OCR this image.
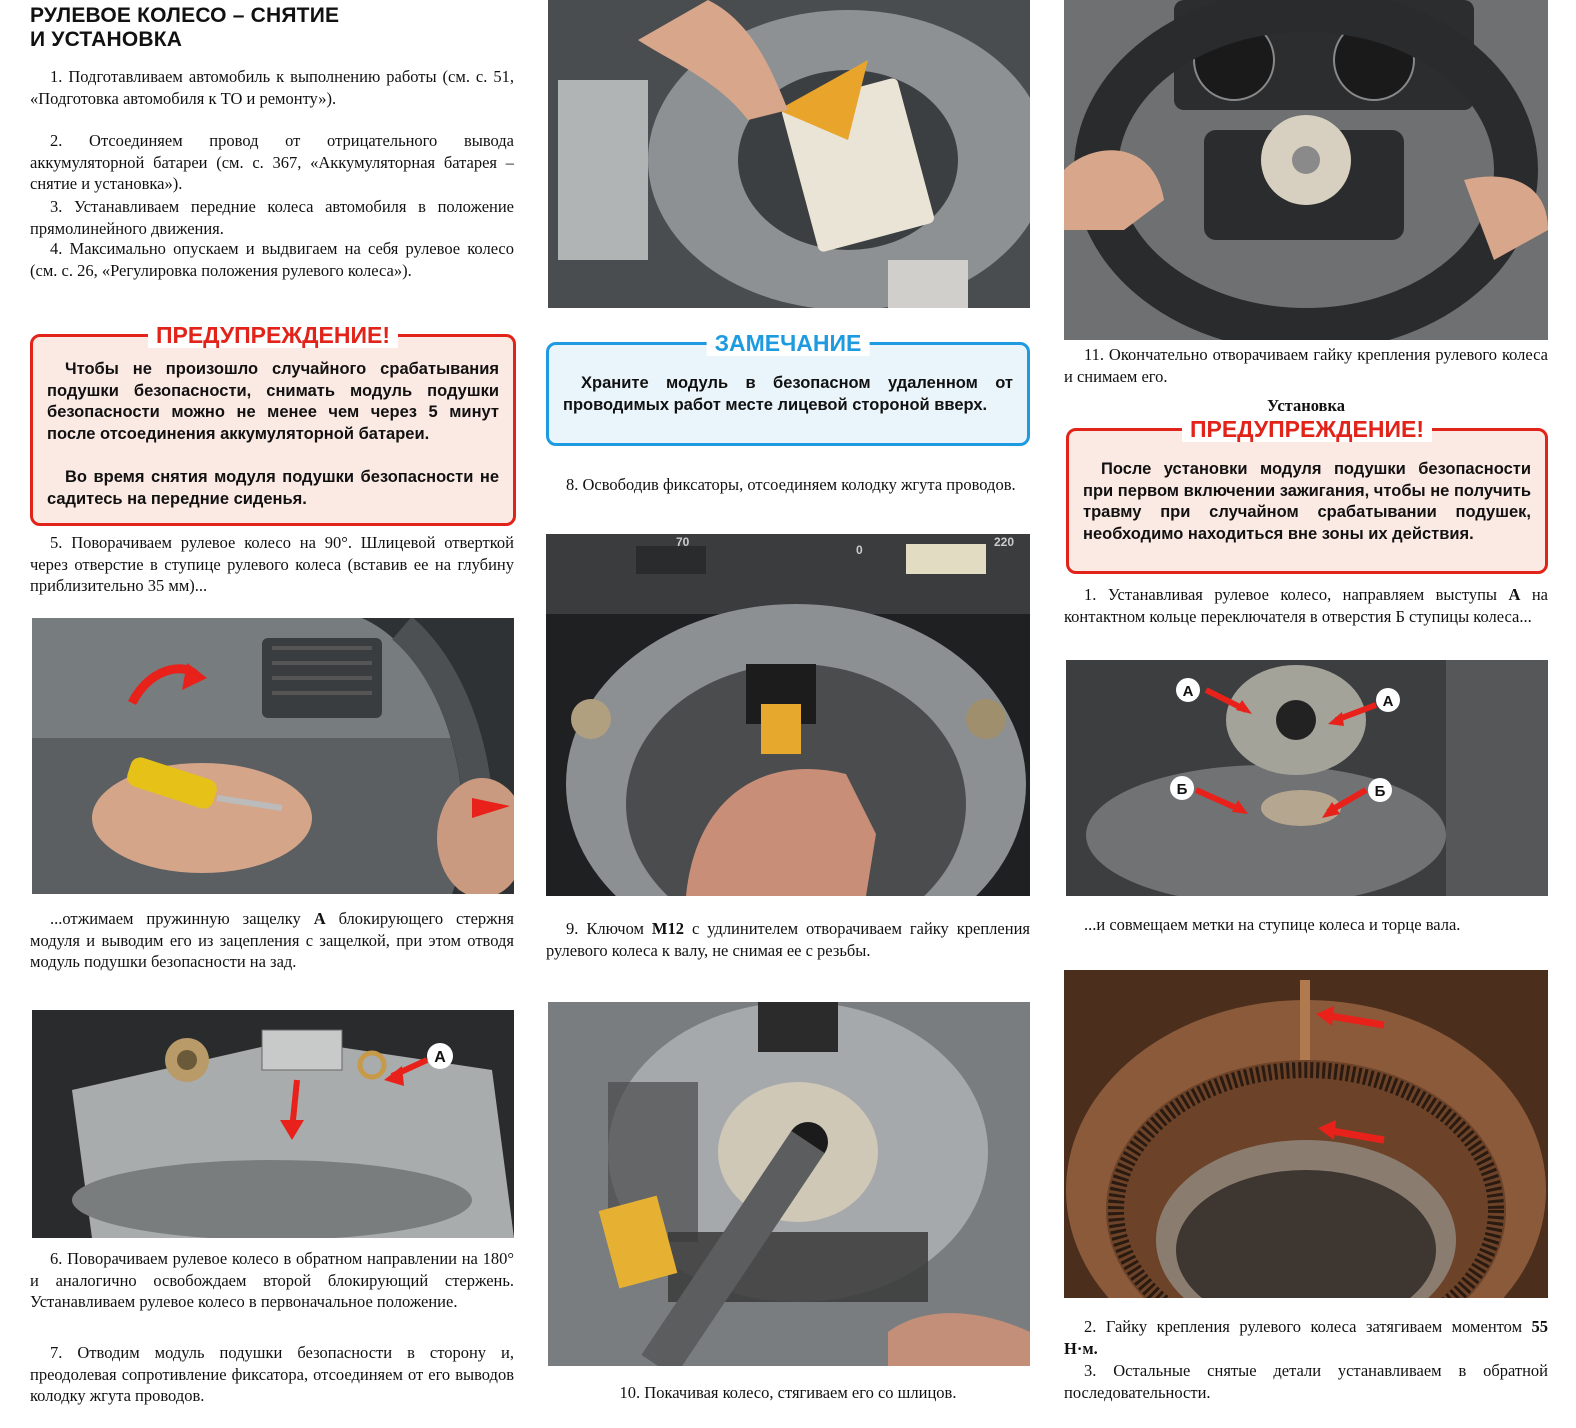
РУЛЕВОЕ КОЛЕСО – СНЯТИЕ
И УСТАНОВКА

1. Подготавливаем автомобиль к выполнению работы (см. с. 51, «Подготовка автомобиля к ТО и ремонту»).

2. Отсоединяем провод от отрицательного вывода аккумуляторной батареи (см. с. 367, «Аккумуляторная батарея – снятие и установка»).

3. Устанавливаем передние колеса автомобиля в положение прямолинейного движения.

4. Максимально опускаем и выдвигаем на себя рулевое колесо (см. с. 26, «Регулировка положения рулевого колеса»).

ПРЕДУПРЕЖДЕНИЕ!

Чтобы не произошло случайного срабатывания подушки безопасности, снимать модуль подушки безопасности можно не менее чем через 5 минут после отсоединения аккумуляторной батареи.

Во время снятия модуля подушки безопасности не садитесь на передние сиденья.

5. Поворачиваем рулевое колесо на 90°. Шлицевой отверткой через отверстие в ступице рулевого колеса (вставив ее на глубину приблизительно 35 мм)...

...отжимаем пружинную защелку А блокирующего стержня модуля и выводим его из зацепления с защелкой, при этом отводя модуль подушки безопасности на зад.

А

6. Поворачиваем рулевое колесо в обратном направлении на 180° и аналогично освобождаем второй блокирующий стержень. Устанавливаем рулевое колесо в первоначальное положение.

7. Отводим модуль подушки безопасности в сторону и, преодолевая сопротивление фиксатора, отсоединяем от его выводов колодку жгута проводов.

ЗАМЕЧАНИЕ

Храните модуль в безопасном удаленном от проводимых работ месте лицевой стороной вверх.

8. Освободив фиксаторы, отсоединяем колодку жгута проводов.

70
0
220

9. Ключом M12 с удлинителем отворачиваем гайку крепления рулевого колеса к валу, не снимая ее с резьбы.

10. Покачивая колесо, стягиваем его со шлицов.

11. Окончательно отворачиваем гайку крепления рулевого колеса и снимаем его.

Установка
ПРЕДУПРЕЖДЕНИЕ!

После установки модуля подушки безопасности при первом включении зажигания, чтобы не получить травму при случайном срабатывании подушек, необходимо находиться вне зоны их действия.

1. Устанавливая рулевое колесо, направляем выступы А на контактном кольце переключателя в отверстия Б ступицы колеса...

А
А
Б	Б

...и совмещаем метки на ступице колеса и торце вала.

2. Гайку крепления рулевого колеса затягиваем моментом 55 Н·м.

3. Остальные снятые детали устанавливаем в обратной последовательности.
